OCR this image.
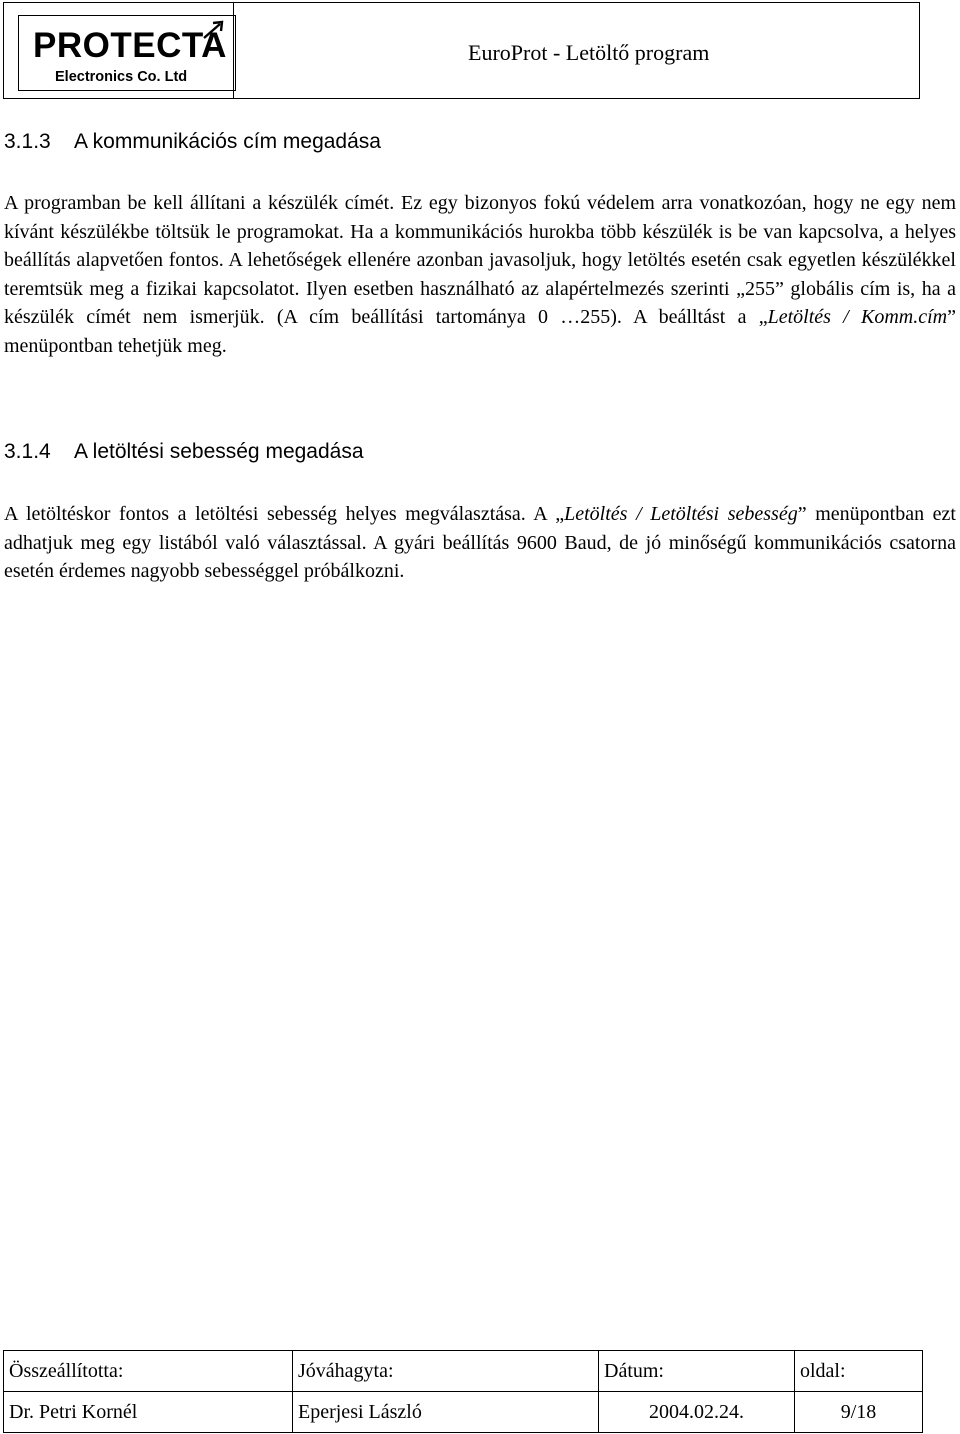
PROTECTA
Electronics Co. Ltd
EuroProt - Letöltő program
3.1.3 A kommunikációs cím megadása
A programban be kell állítani a készülék címét. Ez egy bizonyos fokú védelem arra vonatkozóan, hogy ne egy nem kívánt készülékbe töltsük le programokat. Ha a kommunikációs hurokba több készülék is be van kapcsolva, a helyes beállítás alapvetően fontos. A lehetőségek ellenére azonban javasoljuk, hogy letöltés esetén csak egyetlen készülékkel teremtsük meg a fizikai kapcsolatot. Ilyen esetben használható az alapértelmezés szerinti „255” globális cím is, ha a készülék címét nem ismerjük. (A cím beállítási tartománya 0 …255). A beálltást a „Letöltés / Komm.cím” menüpontban tehetjük meg.
3.1.4 A letöltési sebesség megadása
A letöltéskor fontos a letöltési sebesség helyes megválasztása. A „Letöltés / Letöltési sebesség” menüpontban ezt adhatjuk meg egy listából való választással. A gyári beállítás 9600 Baud, de jó minőségű kommunikációs csatorna esetén érdemes nagyobb sebességgel próbálkozni.
Összeállította:	Jóváhagyta:	Dátum:	oldal:
Dr. Petri Kornél	Eperjesi László	2004.02.24.	9/18
